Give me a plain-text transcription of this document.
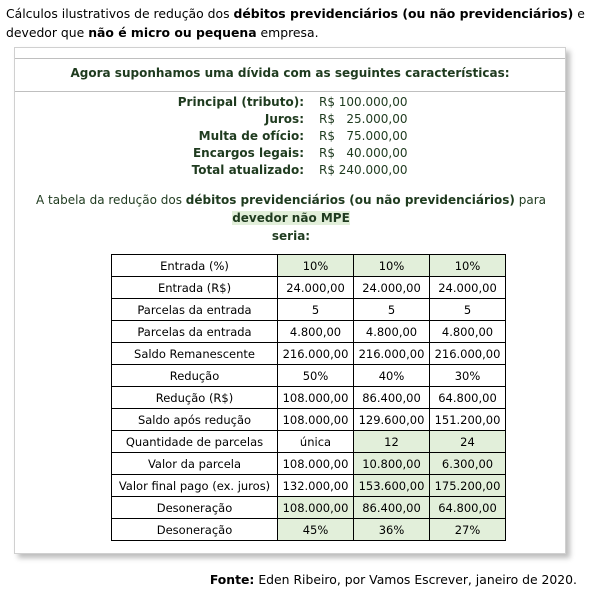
Cálculos ilustrativos de redução dos débitos previdenciários (ou não previdenciários) e devedor que não é micro ou pequena empresa.
Agora suponhamos uma dívida com as seguintes características:
Principal (tributo): R$ 100.000,00
Juros: R$   25.000,00
Multa de ofício: R$   75.000,00
Encargos legais: R$   40.000,00
Total atualizado: R$ 240.000,00
A tabela da redução dos débitos previdenciários (ou não previdenciários) para devedor não MPE
seria:
Entrada (%)	10%	10%	10%
Entrada (R$)	24.000,00	24.000,00	24.000,00
Parcelas da entrada	5	5	5
Parcelas da entrada	4.800,00	4.800,00	4.800,00
Saldo Remanescente	216.000,00	216.000,00	216.000,00
Redução	50%	40%	30%
Redução (R$)	108.000,00	86.400,00	64.800,00
Saldo após redução	108.000,00	129.600,00	151.200,00
Quantidade de parcelas	única	12	24
Valor da parcela	108.000,00	10.800,00	6.300,00
Valor final pago (ex. juros)	132.000,00	153.600,00	175.200,00
Desoneração	108.000,00	86.400,00	64.800,00
Desoneração	45%	36%	27%
Fonte: Eden Ribeiro, por Vamos Escrever, janeiro de 2020.
